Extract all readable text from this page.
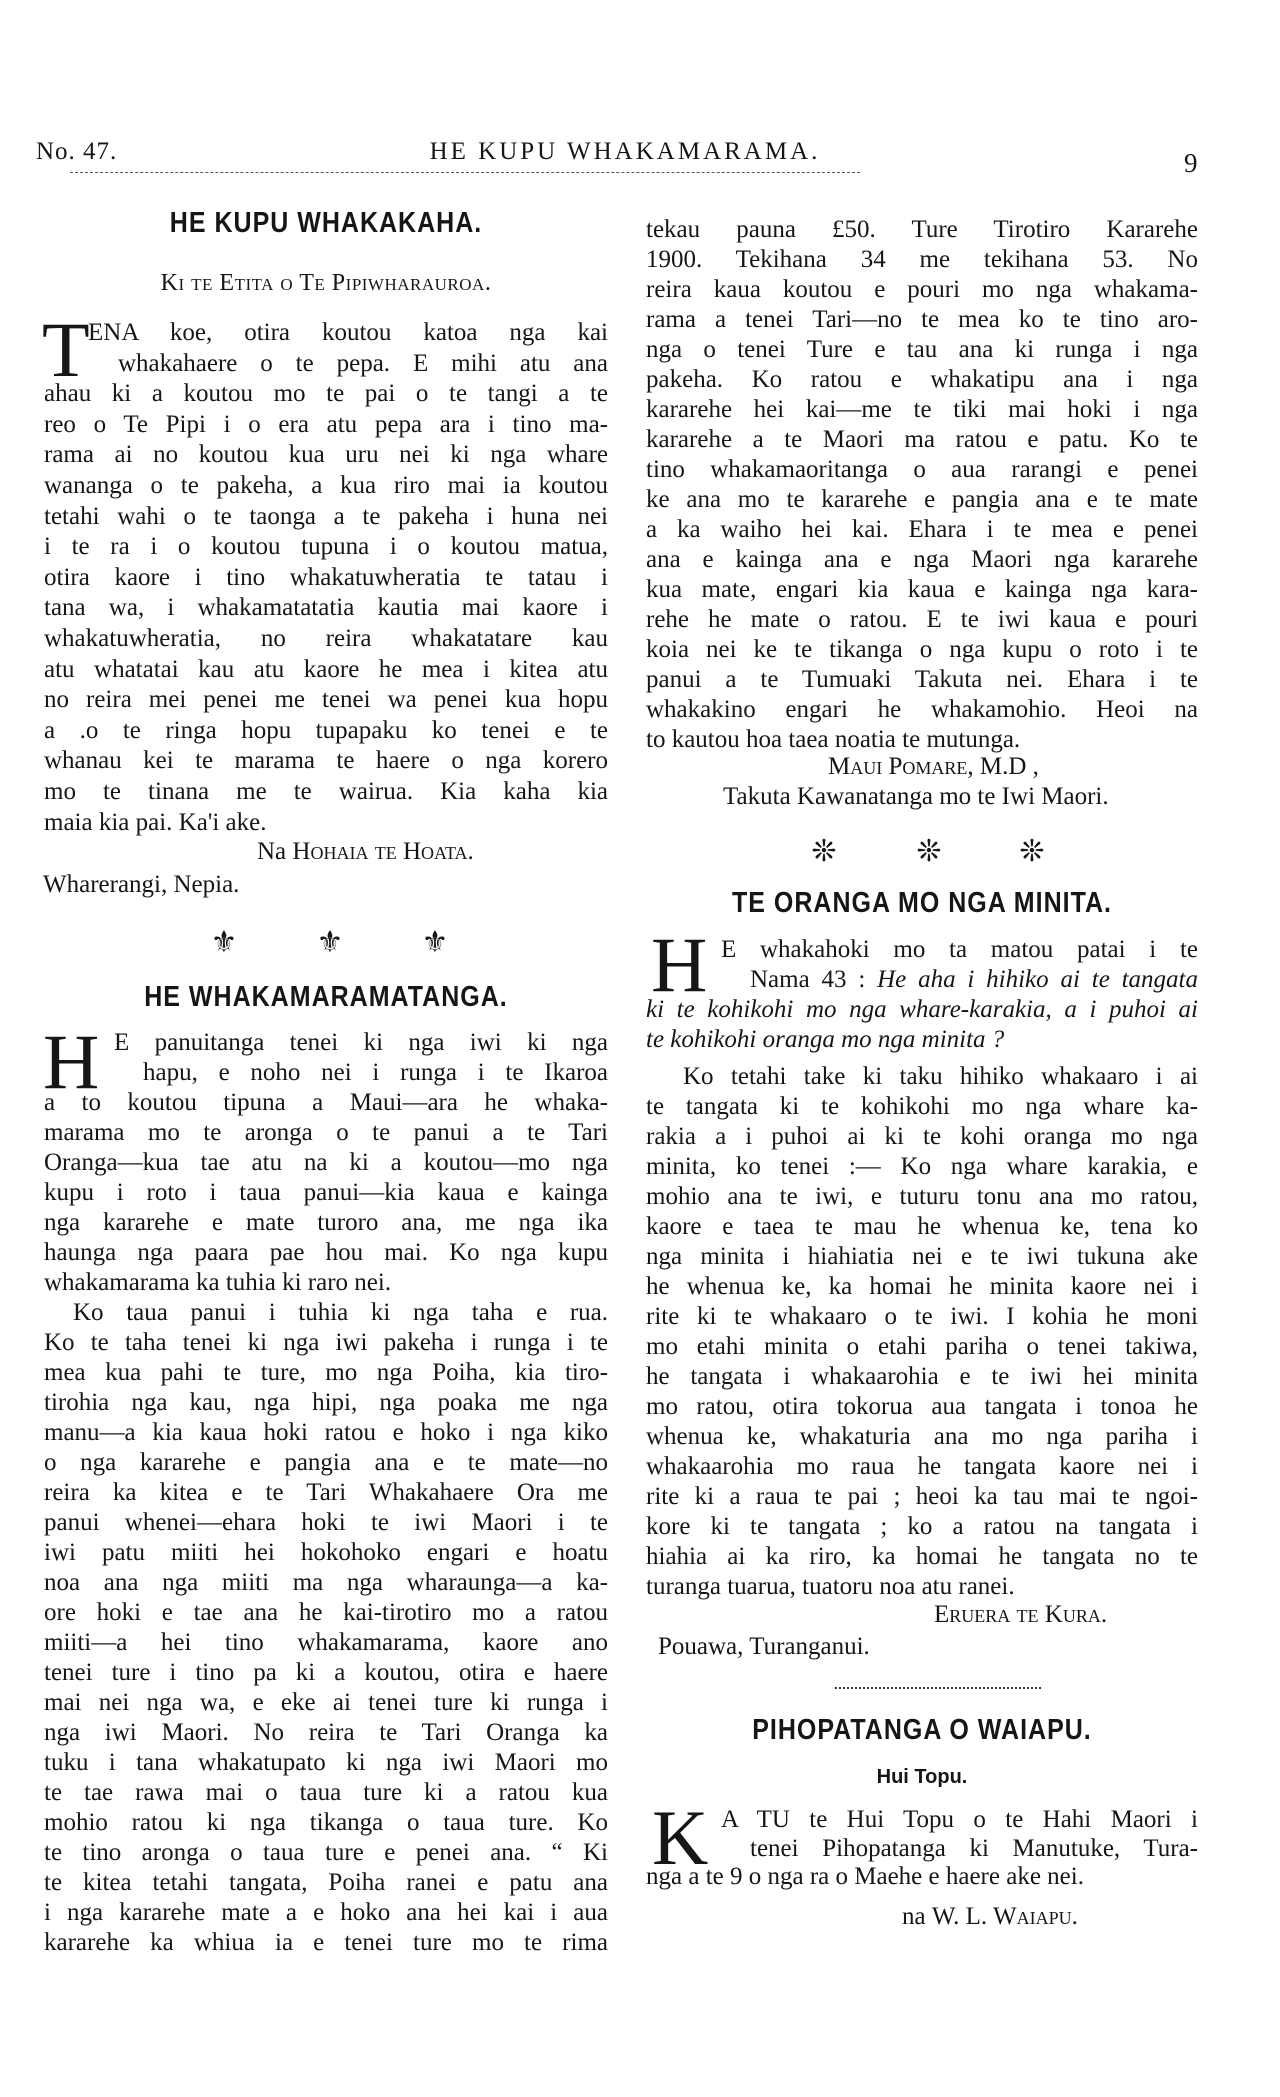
No. 47.	HE KUPU WHAKAMARAMA.	9
HE KUPU WHAKAKAHA.
Ki te Etita o Te Pipiwharauroa.
T
ENA koe, otira koutou katoa nga kai
whakahaere o te pepa. E mihi atu ana
ahau ki a koutou mo te pai o te tangi a te
reo o Te Pipi i o era atu pepa ara i tino ma-
rama ai no koutou kua uru nei ki nga whare
wananga o te pakeha, a kua riro mai ia koutou
tetahi wahi o te taonga a te pakeha i huna nei
i te ra i o koutou tupuna i o koutou matua,
otira kaore i tino whakatuwheratia te tatau i
tana wa, i whakamatatatia kautia mai kaore i
whakatuwheratia, no reira whakatatare kau
atu whatatai kau atu kaore he mea i kitea atu
no reira mei penei me tenei wa penei kua hopu
a .o te ringa hopu tupapaku ko tenei e te
whanau kei te marama te haere o nga korero
mo te tinana me te wairua. Kia kaha kia
maia kia pai. Ka'i ake.
Na Hohaia te Hoata.
Wharerangi, Nepia.
⚜	⚜	⚜
HE WHAKAMARAMATANGA.
H E panuitanga tenei ki nga iwi ki nga
hapu, e noho nei i runga i te Ikaroa
a to koutou tipuna a Maui—ara he whaka-
marama mo te aronga o te panui a te Tari
Oranga—kua tae atu na ki a koutou—mo nga
kupu i roto i taua panui—kia kaua e kainga
nga kararehe e mate turoro ana, me nga ika
haunga nga paara pae hou mai. Ko nga kupu
whakamarama ka tuhia ki raro nei.
Ko taua panui i tuhia ki nga taha e rua.
Ko te taha tenei ki nga iwi pakeha i runga i te
mea kua pahi te ture, mo nga Poiha, kia tiro-
tirohia nga kau, nga hipi, nga poaka me nga
manu—a kia kaua hoki ratou e hoko i nga kiko
o nga kararehe e pangia ana e te mate—no
reira ka kitea e te Tari Whakahaere Ora me
panui whenei—ehara hoki te iwi Maori i te
iwi patu miiti hei hokohoko engari e hoatu
noa ana nga miiti ma nga wharaunga—a ka-
ore hoki e tae ana he kai-tirotiro mo a ratou
miiti—a hei tino whakamarama, kaore ano
tenei ture i tino pa ki a koutou, otira e haere
mai nei nga wa, e eke ai tenei ture ki runga i
nga iwi Maori. No reira te Tari Oranga ka
tuku i tana whakatupato ki nga iwi Maori mo
te tae rawa mai o taua ture ki a ratou kua
mohio ratou ki nga tikanga o taua ture. Ko
te tino aronga o taua ture e penei ana. “ Ki
te kitea tetahi tangata, Poiha ranei e patu ana
i nga kararehe mate a e hoko ana hei kai i aua
kararehe ka whiua ia e tenei ture mo te rima
tekau pauna £50. Ture Tirotiro Kararehe
1900. Tekihana 34 me tekihana 53. No
reira kaua koutou e pouri mo nga whakama-
rama a tenei Tari—no te mea ko te tino aro-
nga o tenei Ture e tau ana ki runga i nga
pakeha. Ko ratou e whakatipu ana i nga
kararehe hei kai—me te tiki mai hoki i nga
kararehe a te Maori ma ratou e patu. Ko te
tino whakamaoritanga o aua rarangi e penei
ke ana mo te kararehe e pangia ana e te mate
a ka waiho hei kai. Ehara i te mea e penei
ana e kainga ana e nga Maori nga kararehe
kua mate, engari kia kaua e kainga nga kara-
rehe he mate o ratou. E te iwi kaua e pouri
koia nei ke te tikanga o nga kupu o roto i te
panui a te Tumuaki Takuta nei. Ehara i te
whakakino engari he whakamohio. Heoi na
to kautou hoa taea noatia te mutunga.
Maui Pomare, M.D ,
Takuta Kawanatanga mo te Iwi Maori.
❊	❊	❊
TE ORANGA MO NGA MINITA.
H E whakahoki mo ta matou patai i te
Nama 43 : He aha i hihiko ai te tangata
ki te kohikohi mo nga whare-karakia, a i puhoi ai
te kohikohi oranga mo nga minita ?
Ko tetahi take ki taku hihiko whakaaro i ai
te tangata ki te kohikohi mo nga whare ka-
rakia a i puhoi ai ki te kohi oranga mo nga
minita, ko tenei :— Ko nga whare karakia, e
mohio ana te iwi, e tuturu tonu ana mo ratou,
kaore e taea te mau he whenua ke, tena ko
nga minita i hiahiatia nei e te iwi tukuna ake
he whenua ke, ka homai he minita kaore nei i
rite ki te whakaaro o te iwi. I kohia he moni
mo etahi minita o etahi pariha o tenei takiwa,
he tangata i whakaarohia e te iwi hei minita
mo ratou, otira tokorua aua tangata i tonoa he
whenua ke, whakaturia ana mo nga pariha i
whakaarohia mo raua he tangata kaore nei i
rite ki a raua te pai ; heoi ka tau mai te ngoi-
kore ki te tangata ; ko a ratou na tangata i
hiahia ai ka riro, ka homai he tangata no te
turanga tuarua, tuatoru noa atu ranei.
Eruera te Kura.
Pouawa, Turanganui.
PIHOPATANGA O WAIAPU.
Hui Topu.
K A TU te Hui Topu o te Hahi Maori i
tenei Pihopatanga ki Manutuke, Tura-
nga a te 9 o nga ra o Maehe e haere ake nei.
na W. L. Waiapu.
